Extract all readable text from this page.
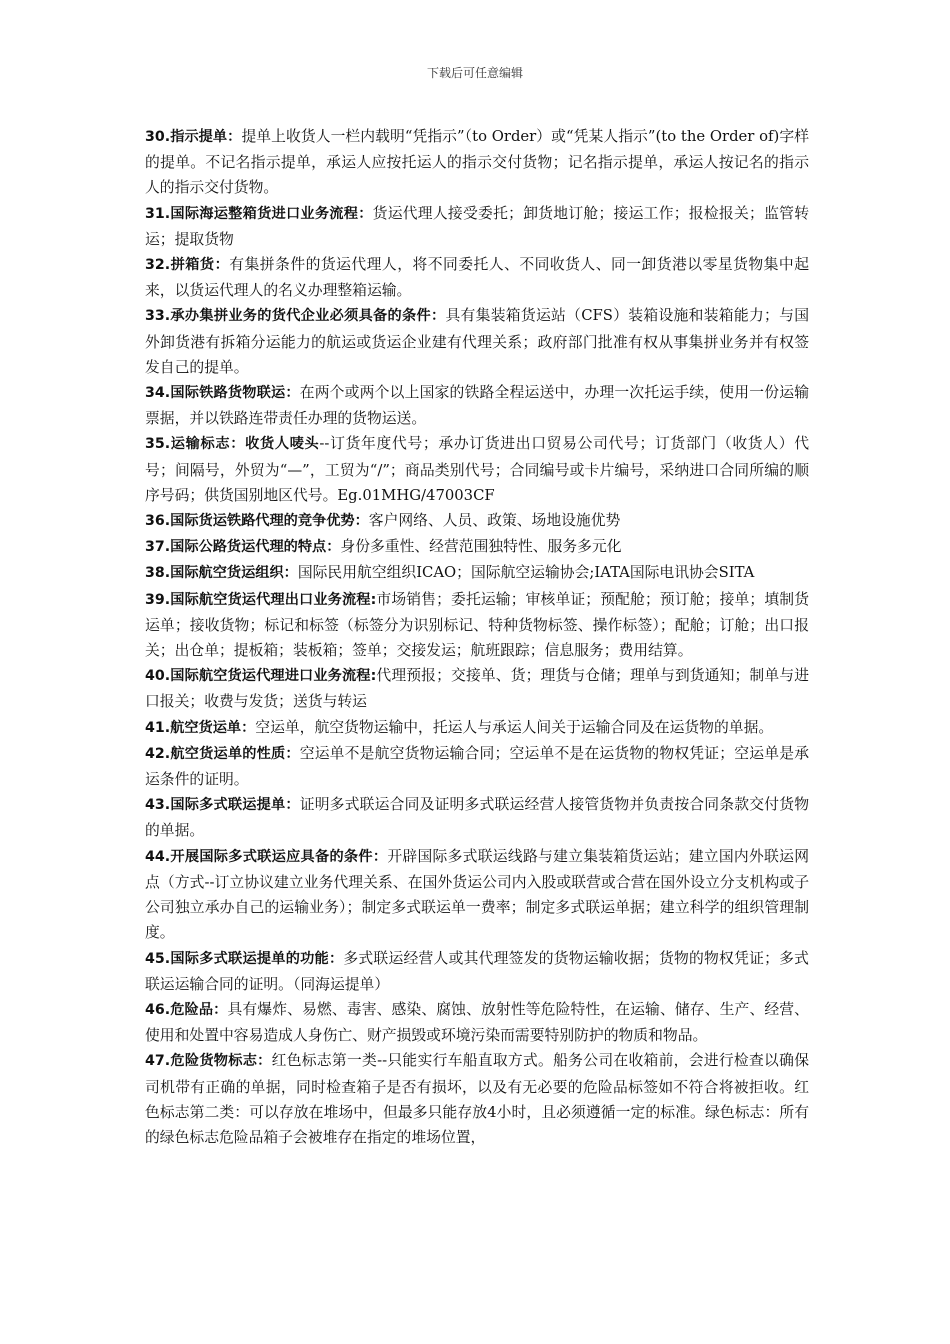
下载后可任意编辑

30.指示提单：提单上收货人一栏内载明“凭指示”（to Order）或“凭某人指示”(to the Order of)字样的提单。不记名指示提单，承运人应按托运人的指示交付货物；记名指示提单，承运人按记名的指示人的指示交付货物。

31.国际海运整箱货进口业务流程：货运代理人接受委托；卸货地订舱；接运工作；报检报关；监管转运；提取货物

32.拼箱货：有集拼条件的货运代理人，将不同委托人、不同收货人、同一卸货港以零星货物集中起来，以货运代理人的名义办理整箱运输。

33.承办集拼业务的货代企业必须具备的条件：具有集装箱货运站（CFS）装箱设施和装箱能力；与国外卸货港有拆箱分运能力的航运或货运企业建有代理关系；政府部门批准有权从事集拼业务并有权签发自己的提单。

34.国际铁路货物联运：在两个或两个以上国家的铁路全程运送中，办理一次托运手续，使用一份运输票据，并以铁路连带责任办理的货物运送。

35.运输标志：收货人唛头--订货年度代号；承办订货进出口贸易公司代号；订货部门（收货人）代号；间隔号，外贸为“—”，工贸为“/”；商品类别代号；合同编号或卡片编号，采纳进口合同所编的顺序号码；供货国别地区代号。Eg.01MHG/47003CF

36.国际货运铁路代理的竞争优势：客户网络、人员、政策、场地设施优势

37.国际公路货运代理的特点：身份多重性、经营范围独特性、服务多元化

38.国际航空货运组织：国际民用航空组织ICAO；国际航空运输协会;IATA国际电讯协会SITA

39.国际航空货运代理出口业务流程:市场销售；委托运输；审核单证；预配舱；预订舱；接单；填制货运单；接收货物；标记和标签（标签分为识别标记、特种货物标签、操作标签）；配舱；订舱；出口报关；出仓单；提板箱；装板箱；签单；交接发运；航班跟踪；信息服务；费用结算。

40.国际航空货运代理进口业务流程:代理预报；交接单、货；理货与仓储；理单与到货通知；制单与进口报关；收费与发货；送货与转运

41.航空货运单：空运单，航空货物运输中，托运人与承运人间关于运输合同及在运货物的单据。

42.航空货运单的性质：空运单不是航空货物运输合同；空运单不是在运货物的物权凭证；空运单是承运条件的证明。

43.国际多式联运提单：证明多式联运合同及证明多式联运经营人接管货物并负责按合同条款交付货物的单据。

44.开展国际多式联运应具备的条件：开辟国际多式联运线路与建立集装箱货运站；建立国内外联运网点（方式--订立协议建立业务代理关系、在国外货运公司内入股或联营或合营在国外设立分支机构或子公司独立承办自己的运输业务）；制定多式联运单一费率；制定多式联运单据；建立科学的组织管理制度。

45.国际多式联运提单的功能：多式联运经营人或其代理签发的货物运输收据；货物的物权凭证；多式联运运输合同的证明。（同海运提单）

46.危险品：具有爆炸、易燃、毒害、感染、腐蚀、放射性等危险特性，在运输、储存、生产、经营、使用和处置中容易造成人身伤亡、财产损毁或环境污染而需要特别防护的物质和物品。

47.危险货物标志：红色标志第一类--只能实行车船直取方式。船务公司在收箱前，会进行检查以确保司机带有正确的单据，同时检查箱子是否有损坏，以及有无必要的危险品标签如不符合将被拒收。红色标志第二类：可以存放在堆场中，但最多只能存放4小时，且必须遵循一定的标准。绿色标志：所有的绿色标志危险品箱子会被堆存在指定的堆场位置，
